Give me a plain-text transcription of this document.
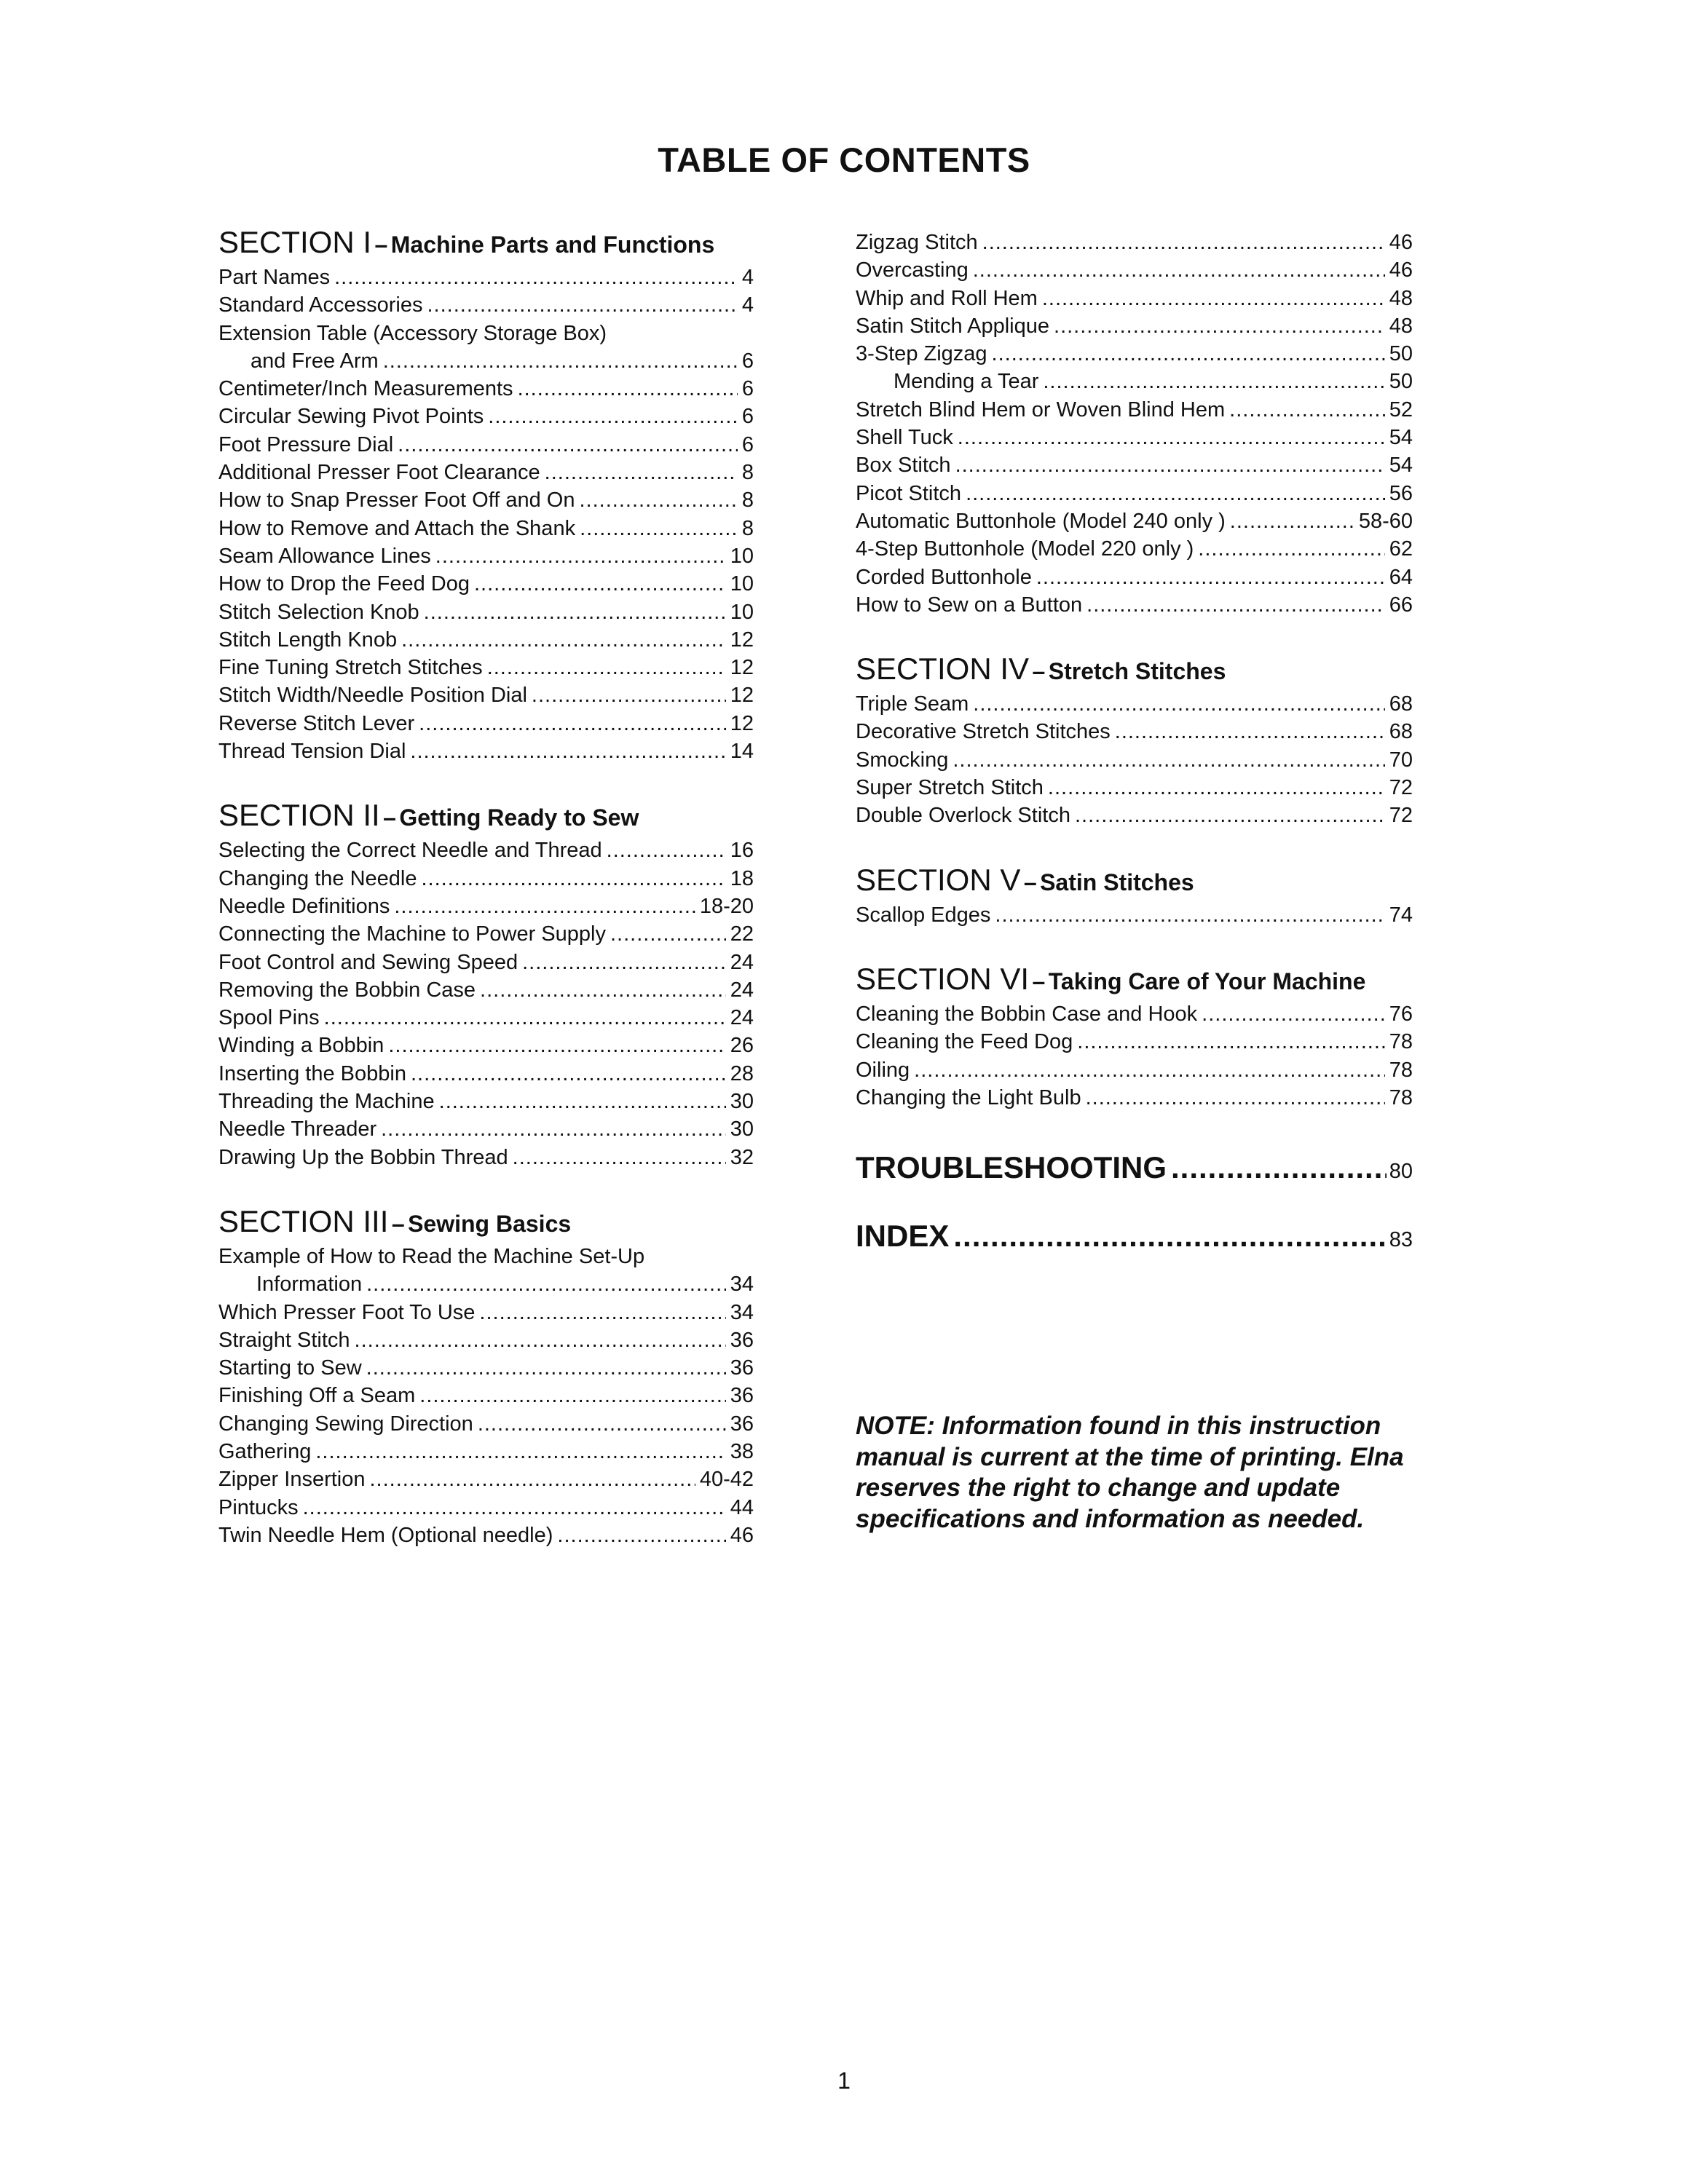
TABLE OF CONTENTS
SECTION I – Machine Parts and Functions
Part Names .....	4
Standard Accessories .....	4
Extension Table (Accessory Storage Box)
and Free Arm .....	6
Centimeter/Inch Measurements .....	6
Circular Sewing Pivot Points .....	6
Foot Pressure Dial .....	6
Additional Presser Foot Clearance .....	8
How to Snap Presser Foot Off and On .....	8
How to Remove and Attach the Shank .....	8
Seam Allowance Lines .....	10
How to Drop the Feed Dog .....	10
Stitch Selection Knob .....	10
Stitch Length Knob .....	12
Fine Tuning Stretch Stitches .....	12
Stitch Width/Needle Position Dial .....	12
Reverse Stitch Lever .....	12
Thread Tension Dial .....	14
SECTION II – Getting Ready to Sew
Selecting the Correct Needle and Thread .....	16
Changing the Needle .....	18
Needle Definitions .....	18-20
Connecting the Machine to Power Supply .....	22
Foot Control and Sewing Speed .....	24
Removing the Bobbin Case .....	24
Spool Pins .....	24
Winding a Bobbin .....	26
Inserting the Bobbin .....	28
Threading the Machine .....	30
Needle Threader .....	30
Drawing Up the Bobbin Thread .....	32
SECTION III – Sewing Basics
Example of How to Read the Machine Set-Up
Information .....	34
Which Presser Foot To Use .....	34
Straight Stitch .....	36
Starting to Sew .....	36
Finishing Off a Seam .....	36
Changing Sewing Direction .....	36
Gathering .....	38
Zipper Insertion .....	40-42
Pintucks .....	44
Twin Needle Hem (Optional needle) .....	46
Zigzag Stitch .....	46
Overcasting .....	46
Whip and Roll Hem .....	48
Satin Stitch Applique .....	48
3-Step Zigzag .....	50
Mending a Tear .....	50
Stretch Blind Hem or Woven Blind Hem .....	52
Shell Tuck .....	54
Box Stitch .....	54
Picot Stitch .....	56
Automatic Buttonhole (Model 240 only ) .....	58-60
4-Step Buttonhole (Model 220 only ) .....	62
Corded Buttonhole .....	64
How to Sew on a Button .....	66
SECTION IV – Stretch Stitches
Triple Seam .....	68
Decorative Stretch Stitches .....	68
Smocking .....	70
Super Stretch Stitch .....	72
Double Overlock Stitch .....	72
SECTION V – Satin Stitches
Scallop Edges .....	74
SECTION VI – Taking Care of Your Machine
Cleaning the Bobbin Case and Hook .....	76
Cleaning the Feed Dog .....	78
Oiling .....	78
Changing the Light Bulb .....	78
TROUBLESHOOTING .....	80
INDEX .....	83
NOTE: Information found in this instruction manual is current at the time of printing. Elna reserves the right to change and update specifications and information as needed.
1
